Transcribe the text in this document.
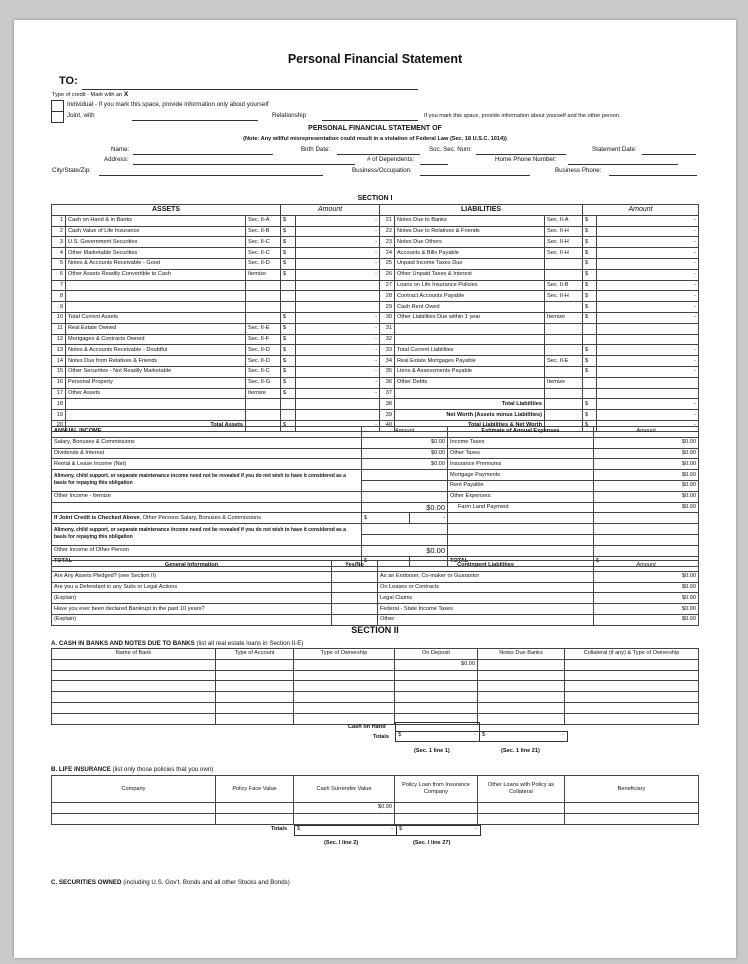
Personal Financial Statement
TO:
Type of credit - Mark with an X
Individual - If you mark this space, provide information only about yourself
Joint, with	Relationship	If you mark this space, provide information about yourself and the other person.
PERSONAL FINANCIAL STATEMENT OF
(Note: Any willful misrepresentation could result in a violation of Federal Law (Sec. 18 U.S.C. 1014))
Name:	Birth Date:	Soc. Sec. Num:	Statement Date:
Address:	# of Dependents:	Home Phone Number:
City/State/Zip:	Business/Occupation:	Business Phone:
SECTION I
ASSETS			Amount		LIABILITIES			Amount	
1	Cash on Hand & in Banks	Sec. II-A	$	-	21	Notes Due to Banks	Sec. II-A	$	-
2	Cash Value of Life Insurance	Sec. II-B	$	-	22	Notes Due to Relatives & Friends	Sec. II-H	$	-
3	U.S. Government Securities	Sec. II-C	$	-	23	Notes Due Others	Sec. II-H	$	-
4	Other Marketable Securities	Sec. II-C	$	-	24	Accounts & Bills Payable	Sec. II-H	$	-
5	Notes & Accounts Receivable - Good	Sec. II-D	$	-	25	Unpaid Income Taxes Due		$	-
6	Other Assets Readily Convertible to Cash	Itemize	$	-	26	Other Unpaid Taxes & Interest		$	-
7					27	Loans on Life Insurance Policies	Sec. II-B	$	-
8					28	Contract Accounts Payable	Sec. II-H	$	-
9					29	Cash Rent Owed		$	-
10	Total Current Assets		$	-	30	Other Liabilities Due within 1 year	Itemize	$	-
11	Real Estate Owned	Sec. II-E	$	-	31				
12	Mortgages & Contracts Owned	Sec. II-F	$	-	32				
13	Notes & Accounts Receivable - Doubtful	Sec. II-D	$	-	33	Total Current Liabilities		$	-
14	Notes Due from Relatives & Friends	Sec. II-D	$	-	34	Real Estate Mortgages Payable	Sec. II-E	$	-
15	Other Securities - Not Readily Marketable	Sec. II-C	$	-	35	Liens & Assessments Payable		$	-
16	Personal Property	Sec. II-G	$	-	36	Other Debts	Itemize		
17	Other Assets	Itemize	$	-	37				
18					38	Total Liabilities		$	-
19					39	Net Worth (Assets minus Liabilities)		$	-
20	Total Assets		$	-	40	Total Liabilities & Net Worth		$	-
ANNUAL INCOME	Amount		Estimate of Annual Expenses	Amount
Salary, Bonuses & Commissions	$0.00		Income Taxes	$0.00
Dividends & Interest	$0.00		Other Taxes	$0.00
Rental & Lease Income (Net)	$0.00		Insurance Premiums	$0.00
Alimony, child support, or separate maintenance income need not be revealed if you do not wish to have it considered as a basis for repaying this obligation			Mortgage Payments	$0.00
			Rent Payable	$0.00
Other Income - Itemize			Other Expenses:	$0.00
	$0.00		Farm Land Payment	$0.00
If Joint Credit is Checked Above, Other Persons Salary, Bonuses & Commissions	$	-		
Alimony, child support, or separate maintenance income need not be revealed if you do not wish to have it considered as a basis for repaying this obligation				

Other Income of Other Person	$0.00			
TOTAL	$	-	TOTAL	$ -
General Information	Yes/No	Contingent Liabilities	Amount
Are Any Assets Pledged? (see Section II)		As an Endorser, Co-maker or Guarantor	$0.00
Are you a Defendant in any Suits or Legal Actions		On Leases or Contracts	$0.00
(Explain)		Legal Claims	$0.00
Have you ever been declared Bankrupt in the past 10 years?		Federal - State Income Taxes	$0.00
(Explain)		Other:	$0.00
SECTION II
A. CASH IN BANKS AND NOTES DUE TO BANKS (list all real estate loans in Section II-E)
Name of Bank	Type of Account	Type of Ownership	On Deposit	Notes Due Banks	Collateral (if any) & Type of Ownership
			$0.00		

Cash on Hand
Totals	$	-	$	-
(Sec. 1 line 1)	(Sec. 1 line 21)
B. LIFE INSURANCE (list only those policies that you own)
Company	Policy Face Value	Cash Surrender Value	Policy Loan from Insurance Company	Other Loans with Policy as Collateral	Beneficiary
		$0.00			

Totals	$	-	$	-
(Sec. I line 2)	(Sec. I line 27)
C. SECURITIES OWNED (including U.S. Gov't. Bonds and all other Stocks and Bonds)
